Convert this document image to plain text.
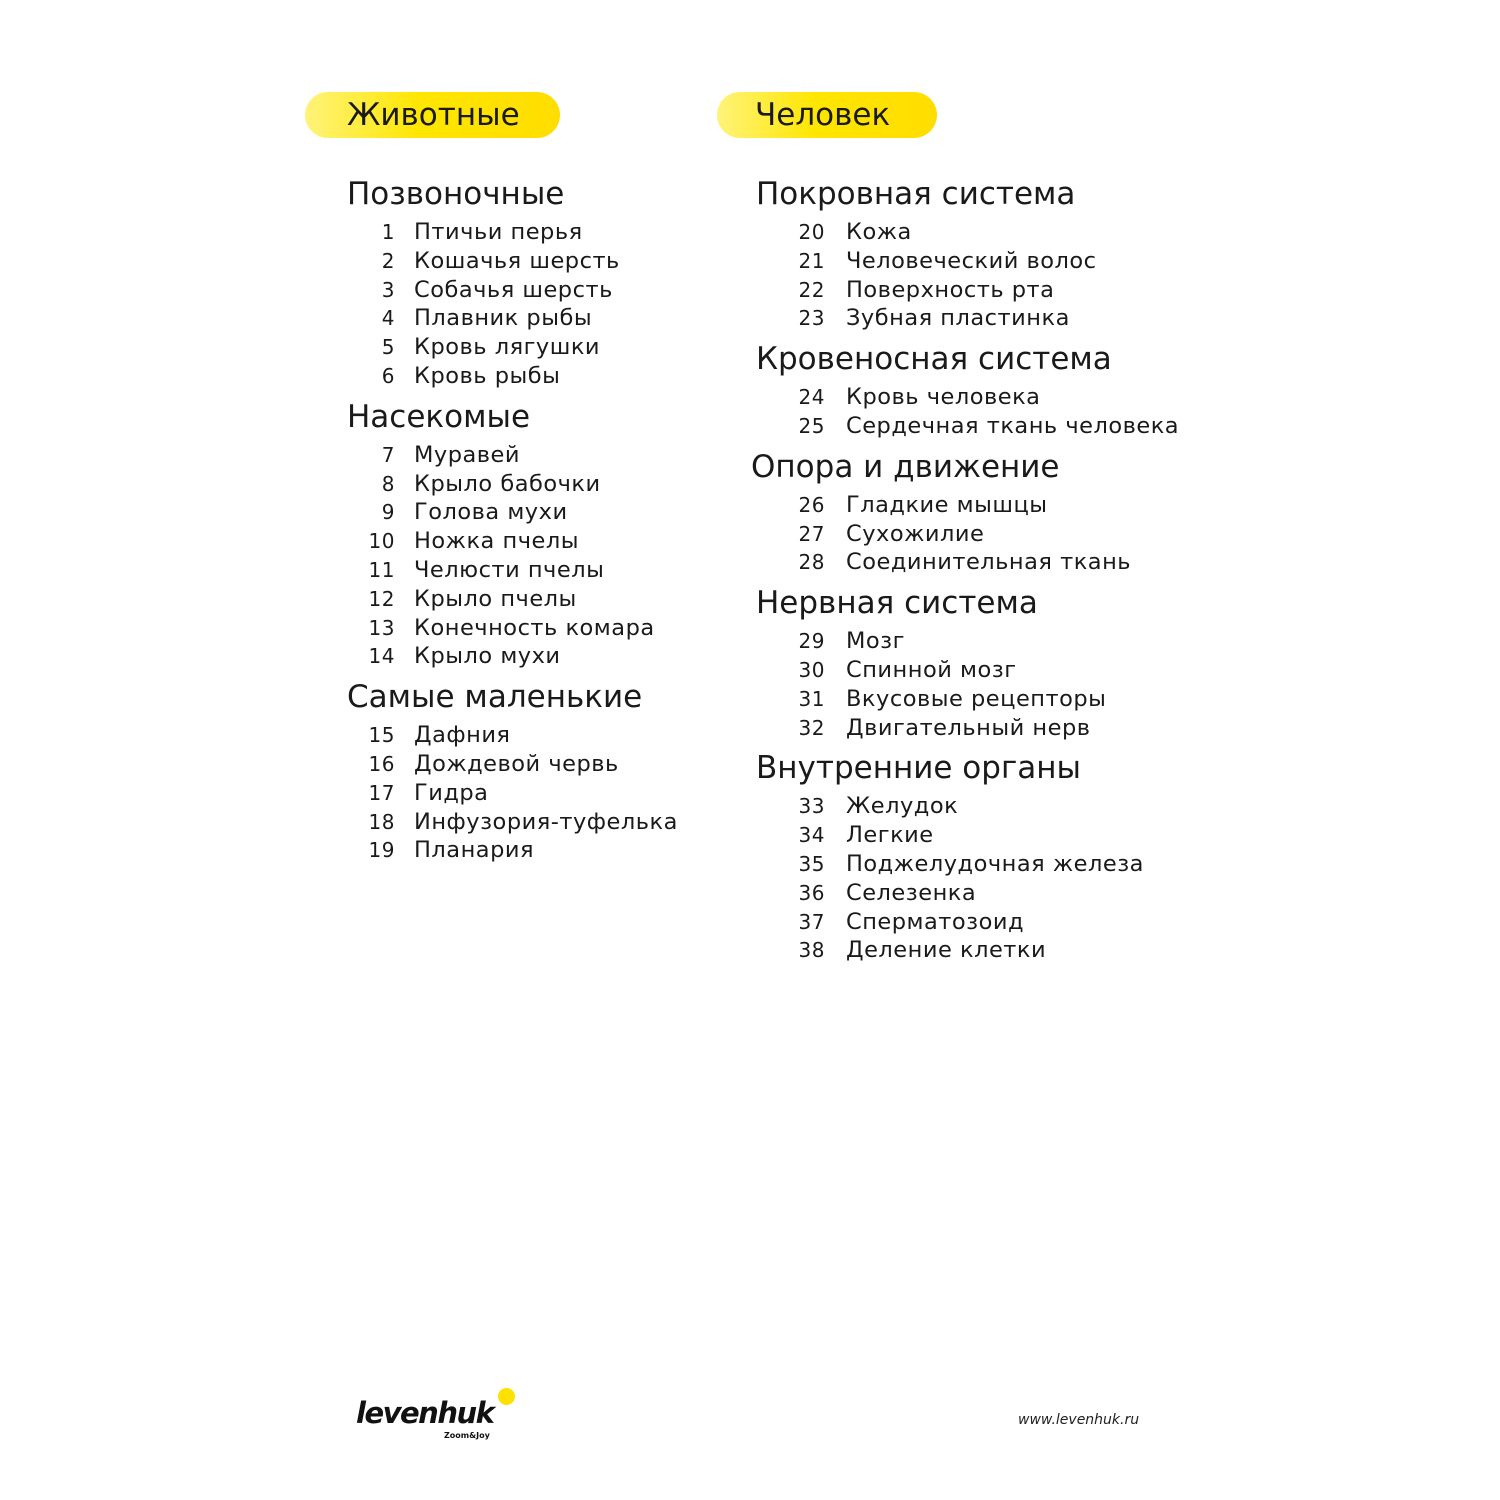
Животные
Позвоночные
1 Птичьи перья
2 Кошачья шерсть
3 Собачья шерсть
4 Плавник рыбы
5 Кровь лягушки
6 Кровь рыбы
Насекомые
7 Муравей
8 Крыло бабочки
9 Голова мухи
10 Ножка пчелы
11 Челюсти пчелы
12 Крыло пчелы
13 Конечность комара
14 Крыло мухи
Самые маленькие
15 Дафния
16 Дождевой червь
17 Гидра
18 Инфузория-туфелька
19 Планария
Человек
Покровная система
20 Кожа
21 Человеческий волос
22 Поверхность рта
23 Зубная пластинка
Кровеносная система
24 Кровь человека
25 Сердечная ткань человека
Опора и движение
26 Гладкие мышцы
27 Сухожилие
28 Соединительная ткань
Нервная система
29 Мозг
30 Спинной мозг
31 Вкусовые рецепторы
32 Двигательный нерв
Внутренние органы
33 Желудок
34 Легкие
35 Поджелудочная железа
36 Селезенка
37 Сперматозоид
38 Деление клетки
levenhuk
Zoom&Joy
www.levenhuk.ru
